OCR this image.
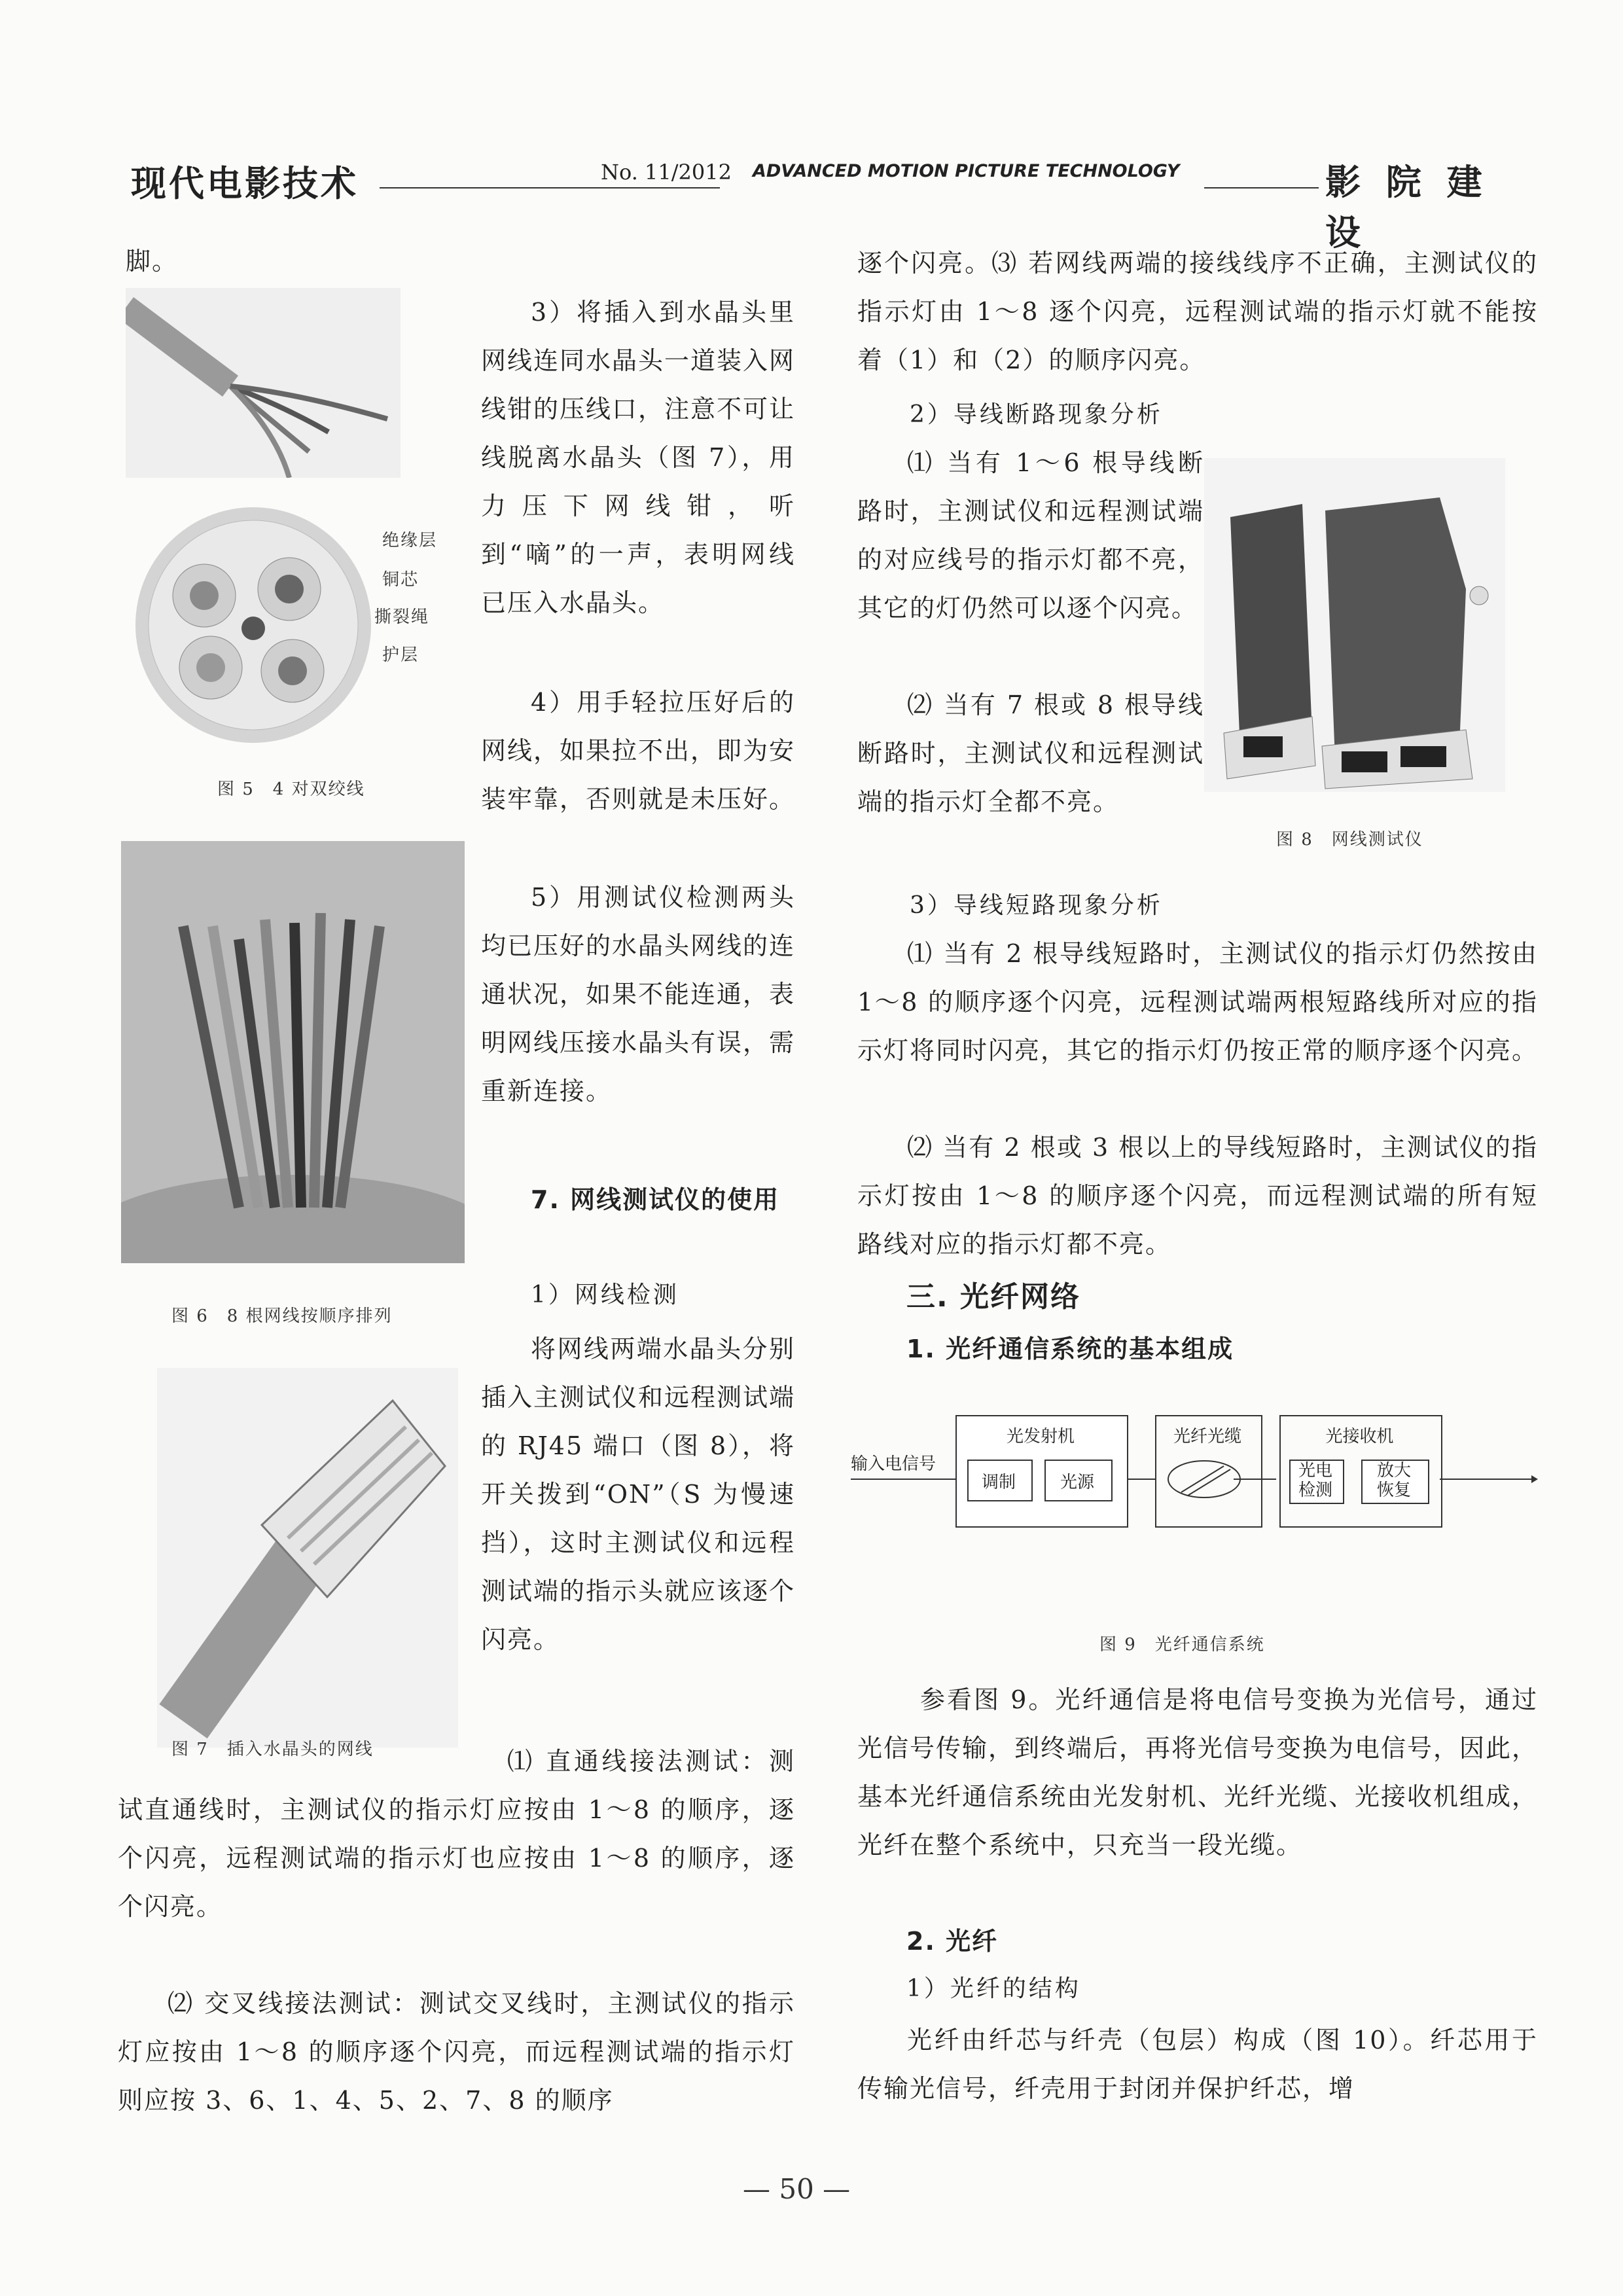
现代电影技术	No. 11/2012 ADVANCED MOTION PICTURE TECHNOLOGY	影 院 建 设

脚。

绝缘层
铜芯
撕裂绳
护层
图 5　4 对双绞线

3）将插入到水晶头里网线连同水晶头一道装入网线钳的压线口，注意不可让线脱离水晶头（图 7），用力压下网线钳，听到“嘀”的一声，表明网线已压入水晶头。

4）用手轻拉压好后的网线，如果拉不出，即为安装牢靠，否则就是未压好。

图 6　8 根网线按顺序排列

5）用测试仪检测两头均已压好的水晶头网线的连通状况，如果不能连通，表明网线压接水晶头有误，需重新连接。

7. 网线测试仪的使用
1）网线检测
图 7　插入水晶头的网线

将网线两端水晶头分别插入主测试仪和远程测试端的 RJ45 端口（图 8），将开关拨到“ON”（S 为慢速挡），这时主测试仪和远程测试端的指示头就应该逐个闪亮。

⑴ 直通线接法测试：测试直通线时，主测试仪的指示灯应按由 1～8 的顺序，逐个闪亮，远程测试端的指示灯也应按由 1～8 的顺序，逐个闪亮。

⑵ 交叉线接法测试：测试交叉线时，主测试仪的指示灯应按由 1～8 的顺序逐个闪亮，而远程测试端的指示灯则应按 3、6、1、4、5、2、7、8 的顺序

逐个闪亮。⑶ 若网线两端的接线线序不正确，主测试仪的指示灯由 1～8 逐个闪亮，远程测试端的指示灯就不能按着（1）和（2）的顺序闪亮。

2）导线断路现象分析

⑴ 当有 1～6 根导线断路时，主测试仪和远程测试端的对应线号的指示灯都不亮，其它的灯仍然可以逐个闪亮。

⑵ 当有 7 根或 8 根导线断路时，主测试仪和远程测试端的指示灯全都不亮。

图 8　网线测试仪
3）导线短路现象分析

⑴ 当有 2 根导线短路时，主测试仪的指示灯仍然按由 1～8 的顺序逐个闪亮，远程测试端两根短路线所对应的指示灯将同时闪亮，其它的指示灯仍按正常的顺序逐个闪亮。

⑵ 当有 2 根或 3 根以上的导线短路时，主测试仪的指示灯按由 1～8 的顺序逐个闪亮，而远程测试端的所有短路线对应的指示灯都不亮。

三. 光纤网络
1. 光纤通信系统的基本组成
输入电信号
光发射机
调制	光源
光纤光缆	光接收机
光电
检测
放大
恢复
图 9　光纤通信系统

参看图 9。光纤通信是将电信号变换为光信号，通过光信号传输，到终端后，再将光信号变换为电信号，因此，基本光纤通信系统由光发射机、光纤光缆、光接收机组成，光纤在整个系统中，只充当一段光缆。

2. 光纤
1）光纤的结构

光纤由纤芯与纤壳（包层）构成（图 10）。纤芯用于传输光信号，纤壳用于封闭并保护纤芯，增

— 50 —
